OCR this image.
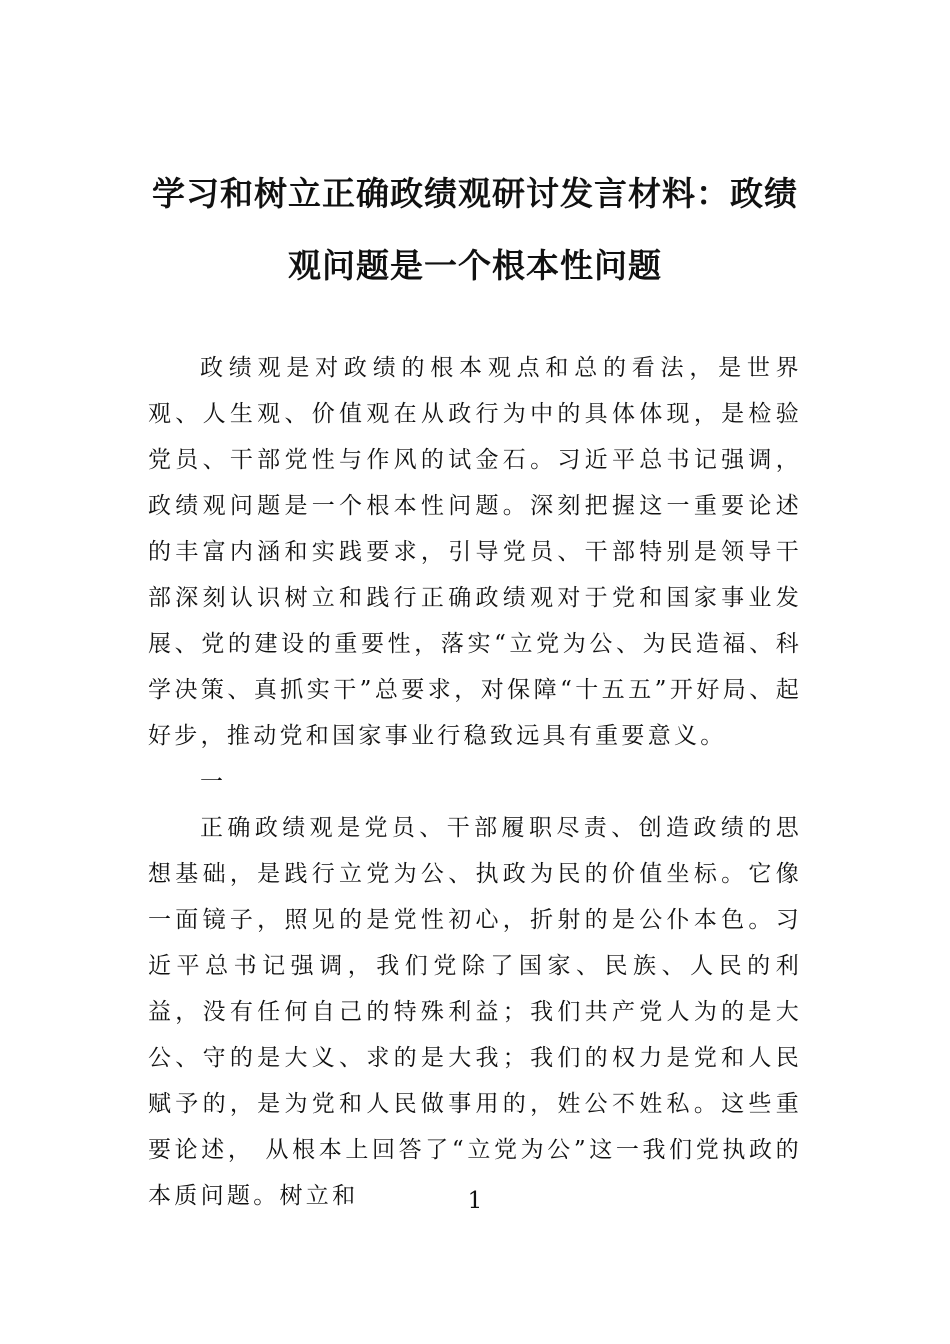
学习和树立正确政绩观研讨发言材料：政绩观问题是一个根本性问题

政绩观是对政绩的根本观点和总的看法，是世界观、人生观、价值观在从政行为中的具体体现，是检验党员、干部党性与作风的试金石。习近平总书记强调，政绩观问题是一个根本性问题。深刻把握这一重要论述的丰富内涵和实践要求，引导党员、干部特别是领导干部深刻认识树立和践行正确政绩观对于党和国家事业发展、党的建设的重要性，落实“立党为公、为民造福、科学决策、真抓实干”总要求，对保障“十五五”开好局、起好步，推动党和国家事业行稳致远具有重要意义。

一

正确政绩观是党员、干部履职尽责、创造政绩的思想基础，是践行立党为公、执政为民的价值坐标。它像一面镜子，照见的是党性初心，折射的是公仆本色。习近平总书记强调，我们党除了国家、民族、人民的利益，没有任何自己的特殊利益；我们共产党人为的是大公、守的是大义、求的是大我；我们的权力是党和人民赋予的，是为党和人民做事用的，姓公不姓私。这些重要论述， 从根本上回答了“立党为公”这一我们党执政的本质问题。树立和	1
